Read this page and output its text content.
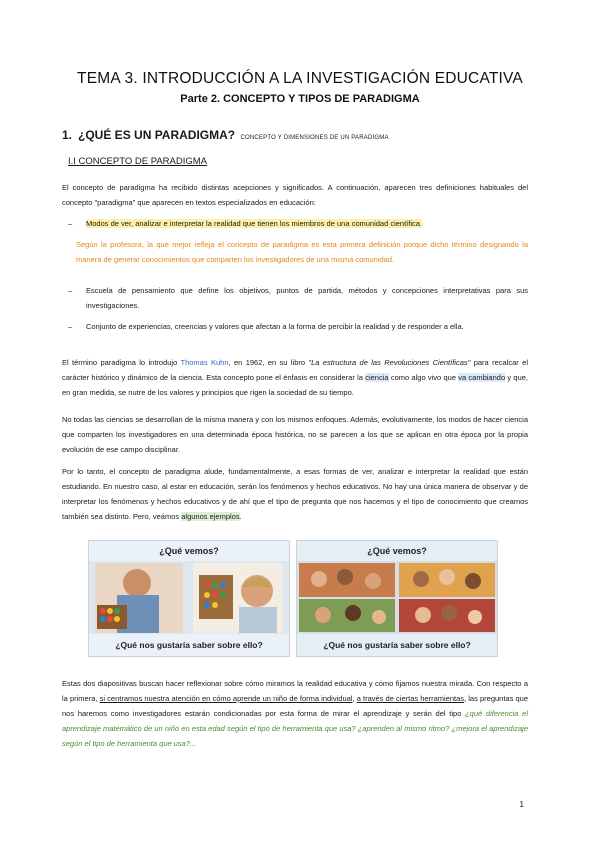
TEMA 3. INTRODUCCIÓN A LA INVESTIGACIÓN EDUCATIVA
Parte 2. CONCEPTO Y TIPOS DE PARADIGMA
1. ¿QUÉ ES UN PARADIGMA? CONCEPTO Y DIMENSIONES DE UN PARADIGMA
I.I CONCEPTO DE PARADIGMA
El concepto de paradigma ha recibido distintas acepciones y significados. A continuación, aparecen tres definiciones habituales del concepto "paradigma" que aparecen en textos especializados en educación:
– Modos de ver, analizar e interpretar la realidad que tienen los miembros de una comunidad científica.
Según la profesora, la que mejor refleja el concepto de paradigma es esta primera definición porque dicho término designando la manera de generar conocimientos que comparten los investigadores de una misma comunidad.
– Escuela de pensamiento que define los objetivos, puntos de partida, métodos y concepciones interpretativas para sus investigaciones.
– Conjunto de experiencias, creencias y valores que afectan a la forma de percibir la realidad y de responder a ella.
El término paradigma lo introdujo Thomas Kuhn, en 1962, en su libro "La estructura de las Revoluciones Científicas" para recalcar el carácter histórico y dinámico de la ciencia. Esta concepto pone el énfasis en considerar la ciencia como algo vivo que va cambiando y que, en gran medida, se nutre de los valores y principios que rigen la sociedad de su tiempo.
No todas las ciencias se desarrollan de la misma manera y con los mismos enfoques. Además, evolutivamente, los modos de hacer ciencia que comparten los investigadores en una determinada época histórica, no se parecen a los que se aplican en otra época por la propia evolución de ese campo disciplinar.
Por lo tanto, el concepto de paradigma alude, fundamentalmente, a esas formas de ver, analizar e interpretar la realidad que están estudiando. En nuestro caso, al estar en educación, serán los fenómenos y hechos educativos. No hay una única manera de observar y de interpretar los fenómenos y hechos educativos y de ahí que el tipo de pregunta que nos hacemos y el tipo de conocimiento que creamos también sea distinto. Pero, veámos algunos ejemplos.
¿Qué vemos?
¿Qué nos gustaría saber sobre ello?
¿Qué vemos?
¿Qué nos gustaría saber sobre ello?
Estas dos diapositivas buscan hacer reflexionar sobre cómo miramos la realidad educativa y cómo fijamos nuestra mirada. Con respecto a la primera, si centramos nuestra atención en cómo aprende un niño de forma individual, a través de ciertas herramientas, las preguntas que nos haremos como investigadores estarán condicionadas por esta forma de mirar el aprendizaje y serán del tipo ¿qué diferencia el aprendizaje matemático de un niño en esta edad según el tipo de herramienta que usa? ¿aprenden al mismo ritmo? ¿mejora el aprendizaje según el tipo de herramienta que usa?...
1
